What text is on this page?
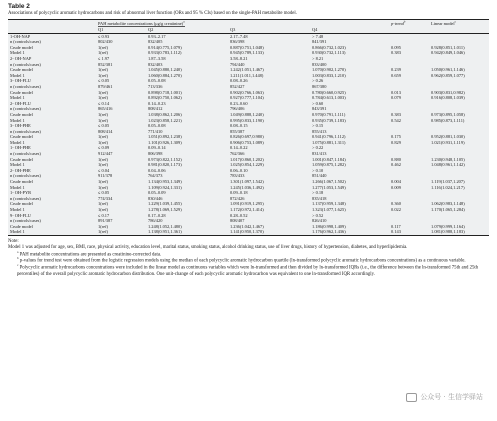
Table 2
Associations of polycyclic aromatic hydrocarbons and risk of abnormal liver function (ORs and 95 % CIs) based on the single-PAH metabolite model.
	PAH metabolite concentrations (μg/g creatinine)$^a$				p-trend$^b$	Linear model$^c$
	Q1	Q2	Q3	Q4		
1-OH-NAP	≤ 0.93	0.93–2.17	2.17–7.48	> 7.48		
n (controls/cases)	802/430	832/405	836/398	841/391		
Crude model	1(ref)	0.914(0.775,1.079)	0.887(0.751,1.048)	0.866(0.732,1.023)	0.095	0.928(0.851,1.011)
Model 1	1(ref)	0.933(0.783,1.112)	0.945(0.789,1.133)	0.930(0.732,1.113)	0.383	0.942(0.849,1.046)
2- OH-NAP	≤ 1.97	1.87–3.58	3.58–8.21	> 8.21		
n (controls/cases)	852/381	832/403	794/440	833/400		
Crude model	1(ref)	1.045(0.880,1.240)	1.242(1.051,1.467)	1.070(0.902,1.270)	0.239	1.050(0.961,1.146)
Model 1	1(ref)	1.060(0.884,1.270)	1.211(1.011,1.448)	1.003(0.833,1.210)	0.659	0.962(0.859,1.077)
3- OH-FLU	≤ 0.05	0.05–0.08	0.08–0.26	> 0.26		
n (controls/cases)	879/461	713/336	852/427	867/380		
Crude model	1(ref)	0.898(0.718,1.001)	0.902(0.766,1.063)	0.780(0.660,0.925)	0.013	0.903(0.831,0.982)
Model 1	1(ref)	0.892(0.750,1.062)	0.927(0.777,1.104)	0.784(0.613,1.003)	0.079	0.916(0.808,1.039)
2- OH-FLU	≤ 0.14	0.14–0.23	0.23–0.60	> 0.60		
n (controls/cases)	865/416	808/412	796/406	843/391		
Crude model	1(ref)	1.038(0.862,1.206)	1.049(0.888,1.240)	0.970(0.791,1.111)	0.383	0.973(0.895,1.058)
Model 1	1(ref)	1.023(0.858,1.221)	0.995(0.833,1.190)	0.935(0.739,1.183)	0.542	0.985(0.873,1.111)
3- OH-PHE	≤ 0.05	0.05–0.08	0.08–0.15	> 0.15		
n (controls/cases)	808/414	771/410	855/387	855/413		
Crude model	1(ref)	1.051(0.892,1.238)	0.826(0.697,0.980)	0.941(0.796,1.112)	0.175	0.952(0.881,1.030)
Model 1	1(ref)	1.101(0.926,1.309)	0.906(0.753,1.089)	1.075(0.881,1.311)	0.829	1.021(0.931,1.119)
1- OH-PHE	≤ 0.09	0.09–0.14	0.14–0.22	> 0.22		
n (controls/cases)	912/447	806/398	762/366	831/413		
Crude model	1(ref)	0.973(0.822,1.152)	1.017(0.860,1.202)	1.001(0.847,1.184)	0.880	1.230(0.948,1.105)
Model 1	1(ref)	0.981(0.820,1.173)	1.025(0.854,1.229)	1.059(0.875,1.282)	0.462	1.048(0.961,1.142)
2- OH-PHE	≤ 0.04	0.04–0.06	0.06–0.10	> 0.10		
n (controls/cases)	911/378	764/373	783/433	851/440		
Crude model	1(ref)	1.134(0.953,1.349)	1.301(1.097,1.542)	1.266(1.067,1.502)	0.004	1.119(1.037,1.207)
Model 1	1(ref)	1.109(0.924,1.331)	1.245(1.036,1.492)	1.277(1.053,1.549)	0.009	1.116(1.024,1.217)
1- OH-PYR	≤ 0.05	0.05–0.09	0.09–0.18	> 0.18		
n (controls/cases)	774/334	830/446	872/426	835/418		
Crude model	1(ref)	1.229(1.039,1.455)	1.091(0.919,1.295)	1.137(0.959,1.348)	0.360	1.062(0.983,1.148)
Model 1	1(ref)	1.278(1.069,1.529)	1.172(0.972,1.414)	1.323(1.077,1.625)	0.022	1.170(1.065,1.284)
9- OH-FLU	≤ 0.17	0.17–0.28	0.28–0.52	> 0.52		
n (controls/cases)	891/387	786/420	808/407	826/410		
Crude model	1(ref)	1.248(1.052,1.480)	1.236(1.042,1.467)	1.186(0.998,1.409)	0.117	1.079(0.999,1.164)
Model 1	1(ref)	1.138(0.951,1.361)	1.141(0.950,1.370)	1.176(0.962,1.436)	0.143	1.081(0.988,1.183)

Note:

Model 1 was adjusted for age, sex, BMI, race, physical activity, education level, marital status, smoking status, alcohol drinking status, use of liver drugs, history of hypertension, diabetes, and hyperlipidemia.

$^a$ PAH metabolite concentrations are presented as creatinine-corrected data.

$^b$ p-values for trend test were obtained from the logistic regression models using the median of each polycyclic aromatic hydrocarbon quartile (ln-transformed polycyclic aromatic hydrocarbons concentrations) as a continuous variable.

$^c$ Polycyclic aromatic hydrocarbons concentrations were included in the linear model as continuous variables which were ln-transformed and then divided by ln-transformed IQRs (i.e., the difference between the ln-transformed 75th and 25th percentiles) of the overall polycyclic aromatic hydrocarbon distribution. One unit-change of each polycyclic aromatic hydrocarbon was equivalent to one ln-transformed IQR accordingly.

公众号 · 生信学驿站
